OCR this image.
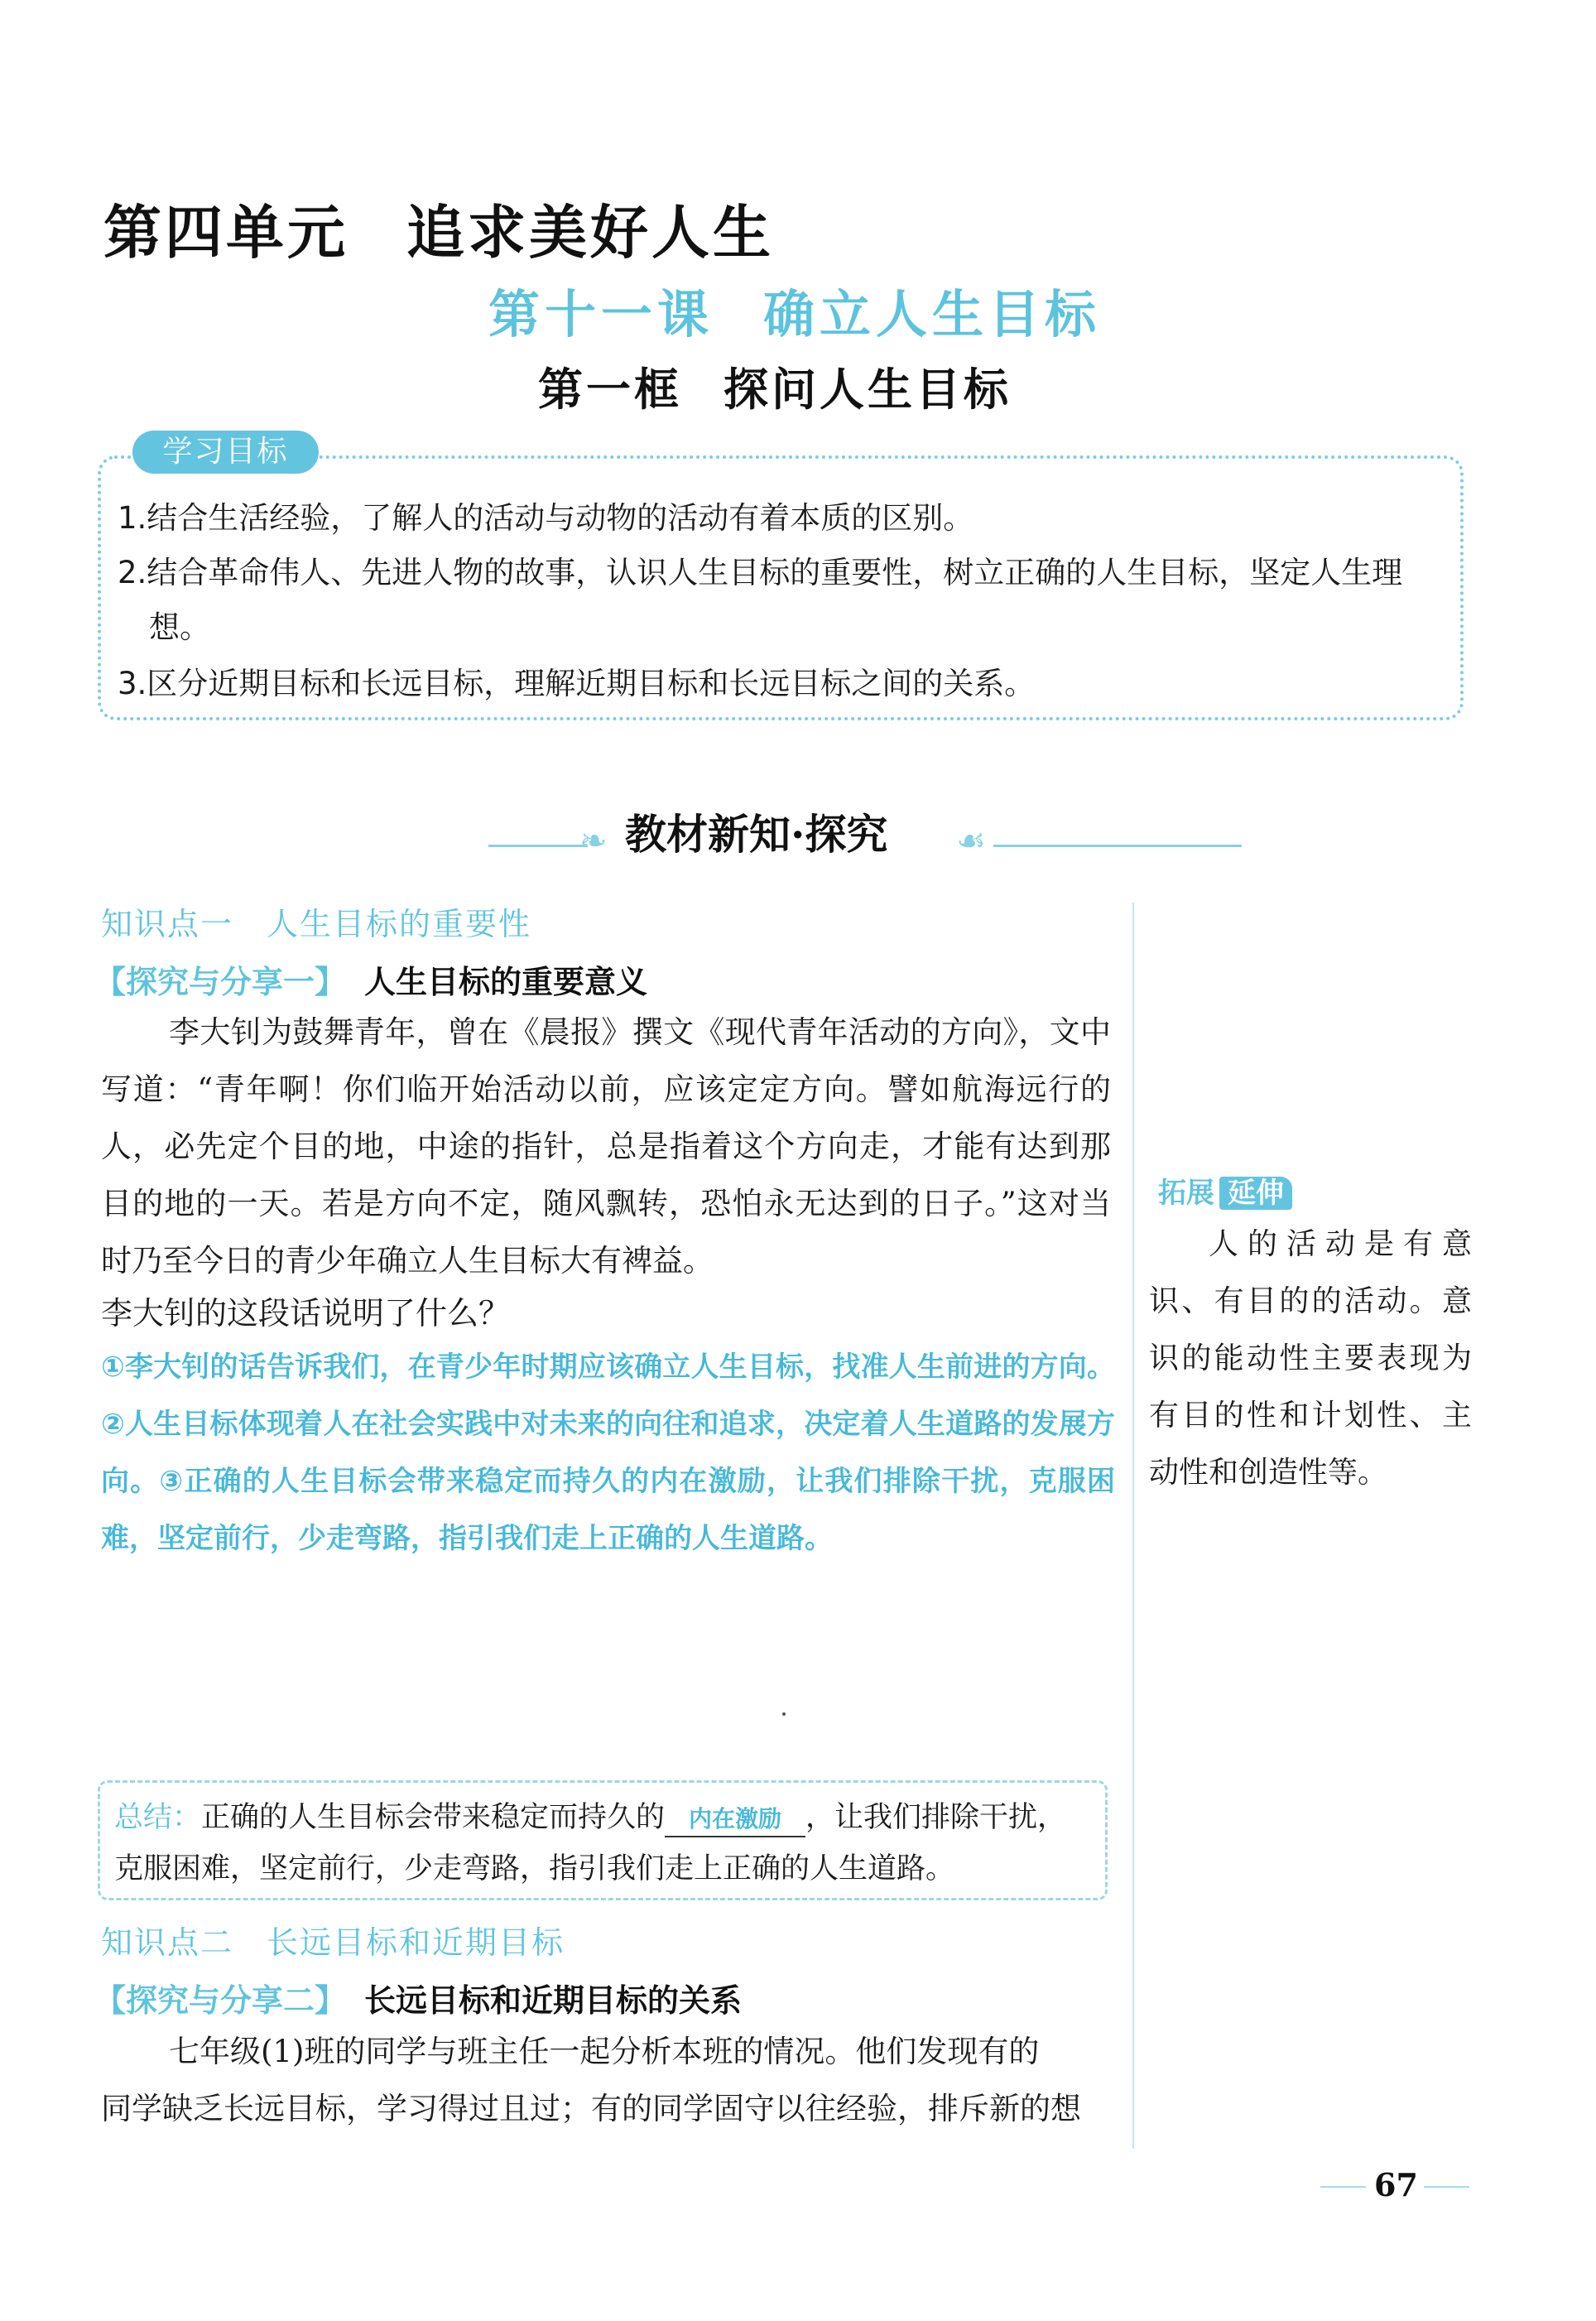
第四单元 追求美好人生
第十一课 确立人生目标
第一框 探问人生目标
学习目标
1.结合生活经验，了解人的活动与动物的活动有着本质的区别。
2.结合革命伟人、先进人物的故事，认识人生目标的重要性，树立正确的人生目标，坚定人生理
想。
3.区分近期目标和长远目标，理解近期目标和长远目标之间的关系。
❧ 教材新知·探究 ☙
知识点一 人生目标的重要性
【探究与分享一】 人生目标的重要意义

李大钊为鼓舞青年，曾在《晨报》撰文《现代青年活动的方向》，文中写道：“青年啊！你们临开始活动以前，应该定定方向。譬如航海远行的人，必先定个目的地，中途的指针，总是指着这个方向走，才能有达到那目的地的一天。若是方向不定，随风飘转，恐怕永无达到的日子。”这对当时乃至今日的青少年确立人生目标大有裨益。

李大钊的这段话说明了什么？

①李大钊的话告诉我们，在青少年时期应该确立人生目标，找准人生前进的方向。②人生目标体现着人在社会实践中对未来的向往和追求，决定着人生道路的发展方向。③正确的人生目标会带来稳定而持久的内在激励，让我们排除干扰，克服困难，坚定前行，少走弯路，指引我们走上正确的人生道路。

总结：正确的人生目标会带来稳定而持久的 内在激励 ，让我们排除干扰，
克服困难，坚定前行，少走弯路，指引我们走上正确的人生道路。
知识点二 长远目标和近期目标
【探究与分享二】 长远目标和近期目标的关系
七年级(1)班的同学与班主任一起分析本班的情况。他们发现有的
同学缺乏长远目标，学习得过且过；有的同学固守以往经验，排斥新的想
拓展 延伸

人的活动是有意识、有目的的活动。意识的能动性主要表现为有目的性和计划性、主动性和创造性等。

67
